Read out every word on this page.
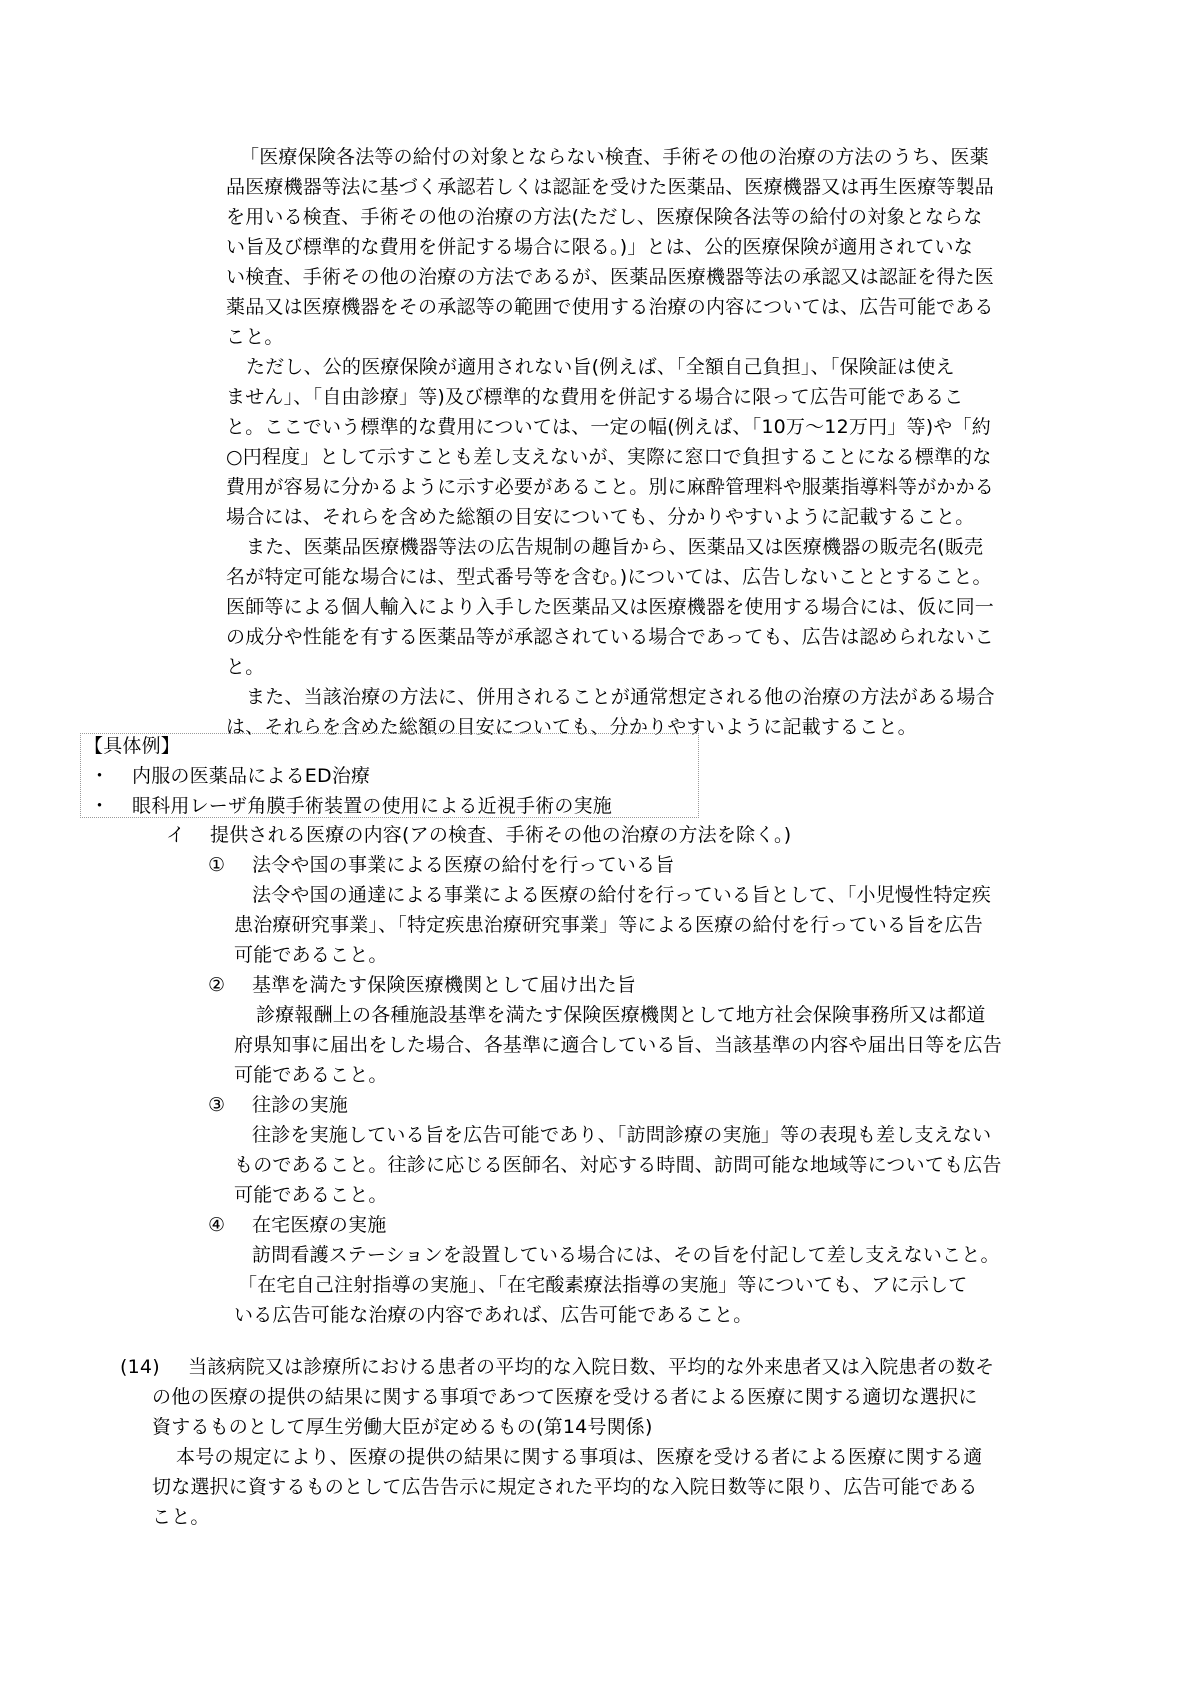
「医療保険各法等の給付の対象とならない検査、手術その他の治療の方法のうち、医薬
品医療機器等法に基づく承認若しくは認証を受けた医薬品、医療機器又は再生医療等製品
を用いる検査、手術その他の治療の方法(ただし、医療保険各法等の給付の対象とならな
い旨及び標準的な費用を併記する場合に限る。)」とは、公的医療保険が適用されていな
い検査、手術その他の治療の方法であるが、医薬品医療機器等法の承認又は認証を得た医
薬品又は医療機器をその承認等の範囲で使用する治療の内容については、広告可能である
こと。
ただし、公的医療保険が適用されない旨(例えば、「全額自己負担」、「保険証は使え
ません」、「自由診療」等)及び標準的な費用を併記する場合に限って広告可能であるこ
と。ここでいう標準的な費用については、一定の幅(例えば、「10万～12万円」等)や「約
○円程度」として示すことも差し支えないが、実際に窓口で負担することになる標準的な
費用が容易に分かるように示す必要があること。別に麻酔管理料や服薬指導料等がかかる
場合には、それらを含めた総額の目安についても、分かりやすいように記載すること。
また、医薬品医療機器等法の広告規制の趣旨から、医薬品又は医療機器の販売名(販売
名が特定可能な場合には、型式番号等を含む。)については、広告しないこととすること。
医師等による個人輸入により入手した医薬品又は医療機器を使用する場合には、仮に同一
の成分や性能を有する医薬品等が承認されている場合であっても、広告は認められないこ
と。
また、当該治療の方法に、併用されることが通常想定される他の治療の方法がある場合
は、それらを含めた総額の目安についても、分かりやすいように記載すること。
【具体例】
・ 内服の医薬品によるED治療
・ 眼科用レーザ角膜手術装置の使用による近視手術の実施
イ 提供される医療の内容(アの検査、手術その他の治療の方法を除く。)
① 法令や国の事業による医療の給付を行っている旨
法令や国の通達による事業による医療の給付を行っている旨として、「小児慢性特定疾
患治療研究事業」、「特定疾患治療研究事業」等による医療の給付を行っている旨を広告
可能であること。
② 基準を満たす保険医療機関として届け出た旨
診療報酬上の各種施設基準を満たす保険医療機関として地方社会保険事務所又は都道
府県知事に届出をした場合、各基準に適合している旨、当該基準の内容や届出日等を広告
可能であること。
③ 往診の実施
往診を実施している旨を広告可能であり、「訪問診療の実施」等の表現も差し支えない
ものであること。往診に応じる医師名、対応する時間、訪問可能な地域等についても広告
可能であること。
④ 在宅医療の実施
訪問看護ステーションを設置している場合には、その旨を付記して差し支えないこと。
「在宅自己注射指導の実施」、「在宅酸素療法指導の実施」等についても、アに示して
いる広告可能な治療の内容であれば、広告可能であること。
(14) 当該病院又は診療所における患者の平均的な入院日数、平均的な外来患者又は入院患者の数そ
の他の医療の提供の結果に関する事項であつて医療を受ける者による医療に関する適切な選択に
資するものとして厚生労働大臣が定めるもの(第14号関係)
本号の規定により、医療の提供の結果に関する事項は、医療を受ける者による医療に関する適
切な選択に資するものとして広告告示に規定された平均的な入院日数等に限り、広告可能である
こと。
